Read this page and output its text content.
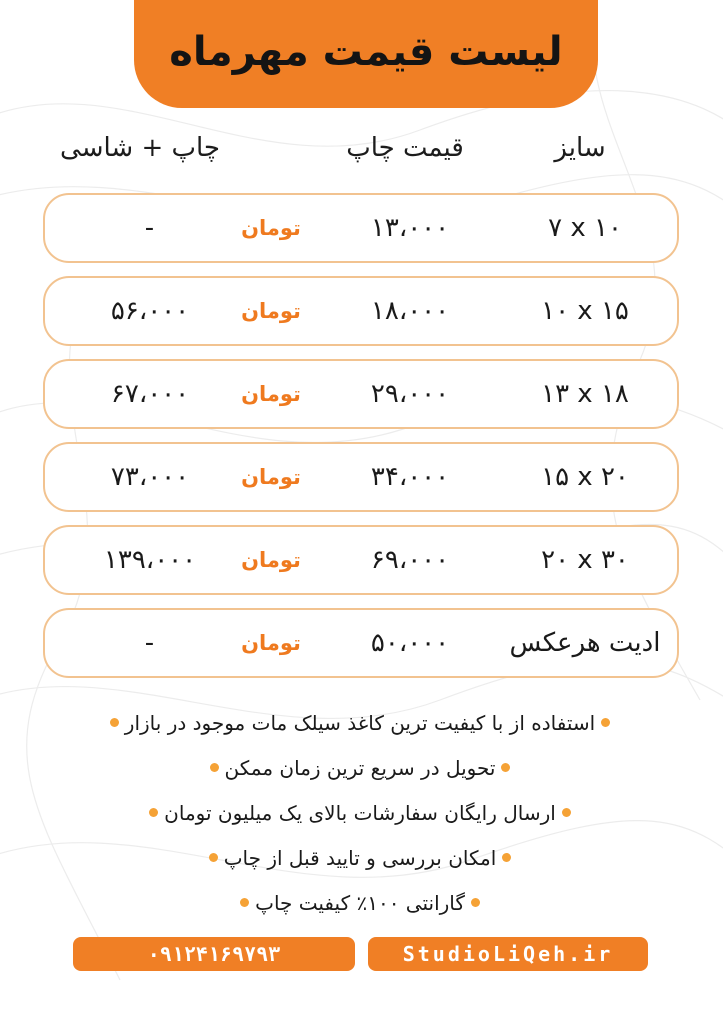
لیست قیمت مهرماه
سایز
قیمت چاپ
چاپ + شاسی
۷ x ۱۰
۱۳،۰۰۰
تومان
-
۱۰ x ۱۵
۱۸،۰۰۰
تومان
۵۶،۰۰۰
۱۳ x ۱۸
۲۹،۰۰۰
تومان
۶۷،۰۰۰
۱۵ x ۲۰
۳۴،۰۰۰
تومان
۷۳،۰۰۰
۲۰ x ۳۰
۶۹،۰۰۰
تومان
۱۳۹،۰۰۰
ادیت هرعکس
۵۰،۰۰۰
تومان
-
استفاده از با کیفیت ترین کاغذ سیلک مات موجود در بازار
تحویل در سریع ترین زمان ممکن
ارسال رایگان سفارشات بالای یک میلیون تومان
امکان بررسی و تایید قبل از چاپ
گارانتی ۱۰۰٪ کیفیت چاپ
۰۹۱۲۴۱۶۹۷۹۳	StudioLiQeh.ir
